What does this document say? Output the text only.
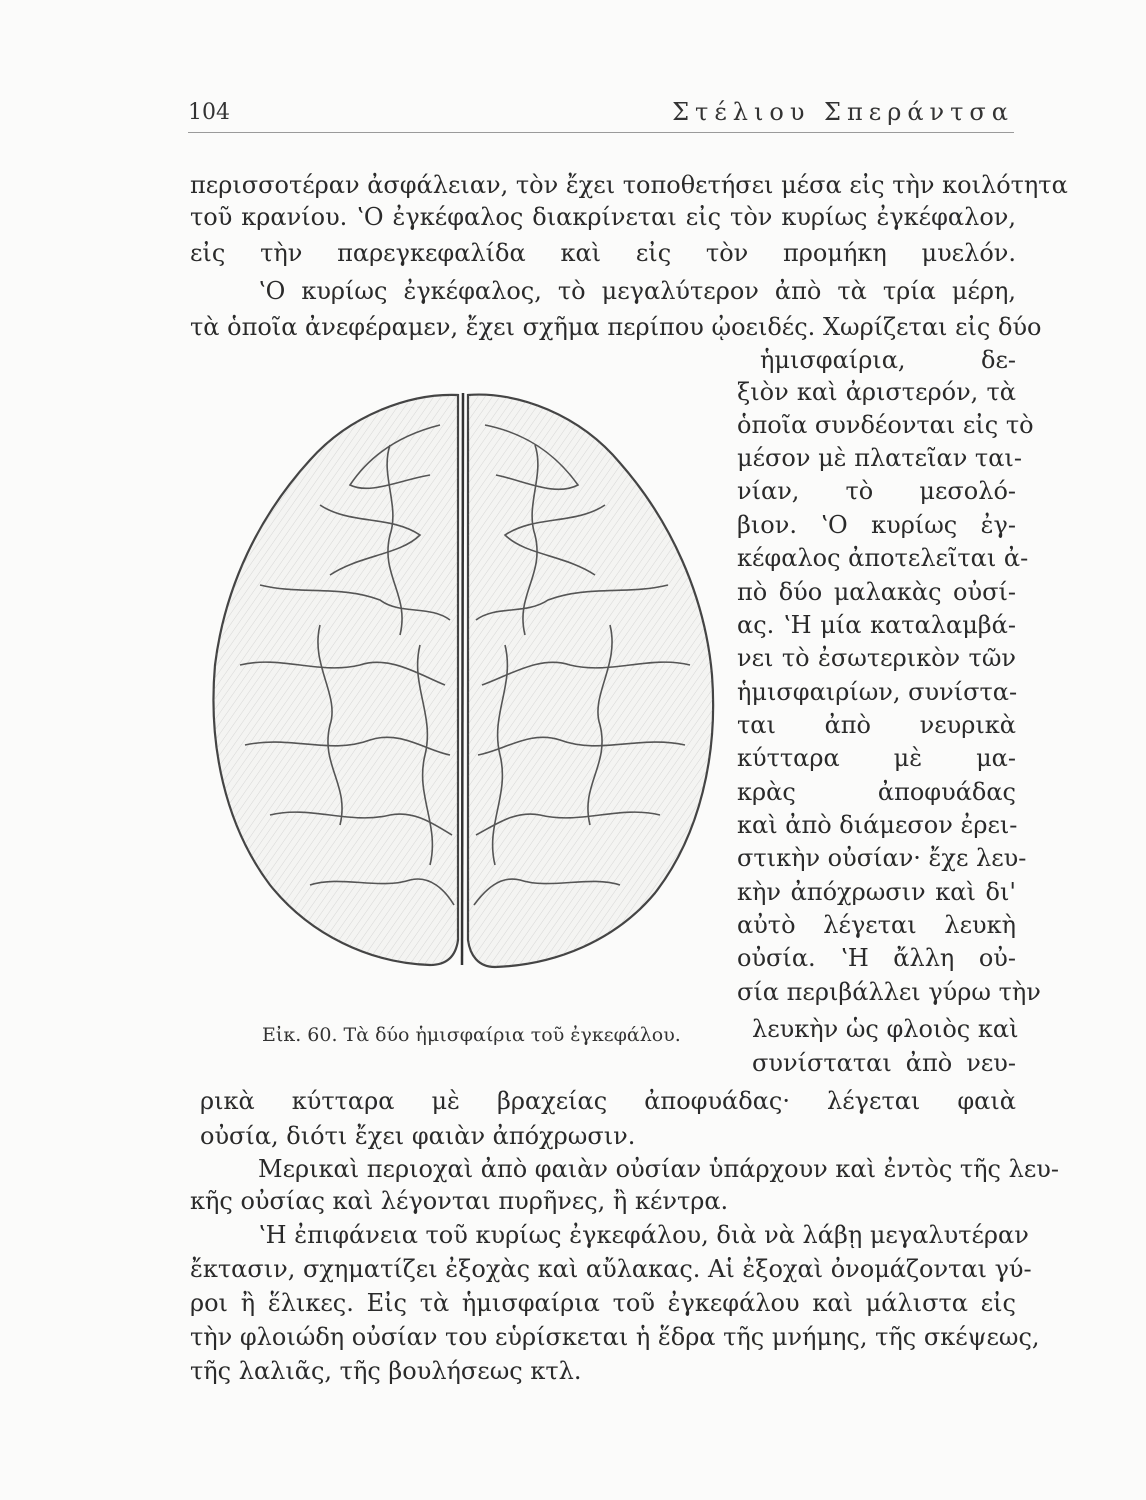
104	Στέλιου Σπεράντσα
περισσοτέραν ἀσφάλειαν, τὸν ἔχει τοποθετήσει μέσα εἰς τὴν κοιλότητα
τοῦ κρανίου. ʽΟ ἐγκέφαλος διακρίνεται εἰς τὸν κυρίως ἐγκέφαλον,
εἰς τὴν παρεγκεφαλίδα καὶ εἰς τὸν προμήκη μυελόν.
ʽΟ κυρίως ἐγκέφαλος, τὸ μεγαλύτερον ἀπὸ τὰ τρία μέρη,
τὰ ὁποῖα ἀνεφέραμεν, ἔχει σχῆμα περίπου ᾠοειδές. Χωρίζεται εἰς δύο
ἡμισφαίρια, δε-
ξιὸν καὶ ἀριστερόν, τὰ
ὁποῖα συνδέονται εἰς τὸ
μέσον μὲ πλατεῖαν ται-
νίαν, τὸ μεσολό-
βιον. ʽΟ κυρίως ἐγ-
κέφαλος ἀποτελεῖται ἀ-
πὸ δύο μαλακὰς οὐσί-
ας. ʽΗ μία καταλαμβά-
νει τὸ ἐσωτερικὸν τῶν
ἡμισφαιρίων, συνίστα-
ται ἀπὸ νευρικὰ
κύτταρα μὲ μα-
κρὰς ἀποφυάδας
καὶ ἀπὸ διάμεσον ἐρει-
στικὴν οὐσίαν· ἔχε λευ-
κὴν ἀπόχρωσιν καὶ δι'
αὐτὸ λέγεται λευκὴ
οὐσία. ʽΗ ἄλλη οὐ-
σία περιβάλλει γύρω τὴν
λευκὴν ὡς φλοιὸς καὶ
συνίσταται ἀπὸ νευ-
Εἰκ. 60. Τὰ δύο ἡμισφαίρια τοῦ ἐγκεφάλου.
ρικὰ κύτταρα μὲ βραχείας ἀποφυάδας· λέγεται φαιὰ
οὐσία, διότι ἔχει φαιὰν ἀπόχρωσιν.
Μερικαὶ περιοχαὶ ἀπὸ φαιὰν οὐσίαν ὑπάρχουν καὶ ἐντὸς τῆς λευ-
κῆς οὐσίας καὶ λέγονται πυρῆνες, ἢ κέντρα.
ʽΗ ἐπιφάνεια τοῦ κυρίως ἐγκεφάλου, διὰ νὰ λάβῃ μεγαλυτέραν
ἔκτασιν, σχηματίζει ἐξοχὰς καὶ αὔλακας. Αἱ ἐξοχαὶ ὀνομάζονται γύ-
ροι ἢ ἕλικες. Εἰς τὰ ἡμισφαίρια τοῦ ἐγκεφάλου καὶ μάλιστα εἰς
τὴν φλοιώδη οὐσίαν του εὑρίσκεται ἡ ἕδρα τῆς μνήμης, τῆς σκέψεως,
τῆς λαλιᾶς, τῆς βουλήσεως κτλ.
